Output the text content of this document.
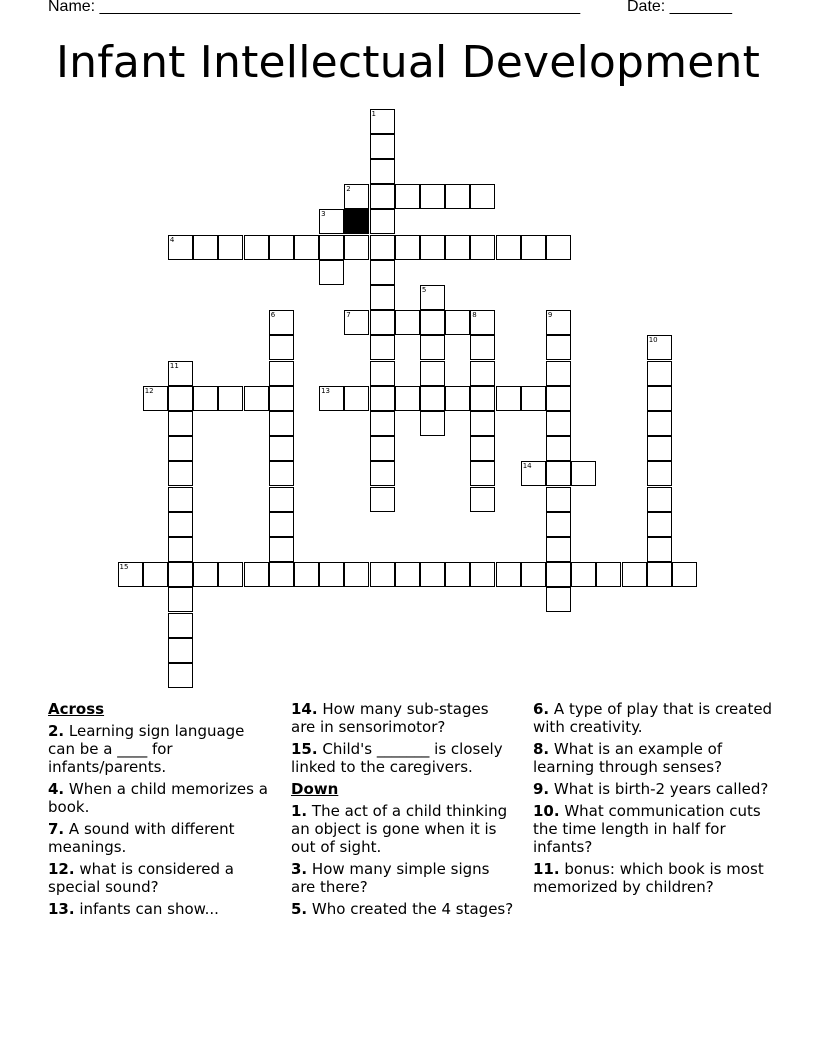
Name: ______________________________________________________	Date: _______
Infant Intellectual Development
1
2
3
4
5
6	7	8	9
10
11
12	13
14
15
Across
2. Learning sign language can be a ____ for infants/parents.
4. When a child memorizes a book.
7. A sound with different meanings.
12. what is considered a special sound?
13. infants can show...
14. How many sub-stages are in sensorimotor?
15. Child's _______ is closely linked to the caregivers.
Down
1. The act of a child thinking an object is gone when it is out of sight.
3. How many simple signs are there?
5. Who created the 4 stages?
6. A type of play that is created with creativity.
8. What is an example of learning through senses?
9. What is birth-2 years called?
10. What communication cuts the time length in half for infants?
11. bonus: which book is most memorized by children?
